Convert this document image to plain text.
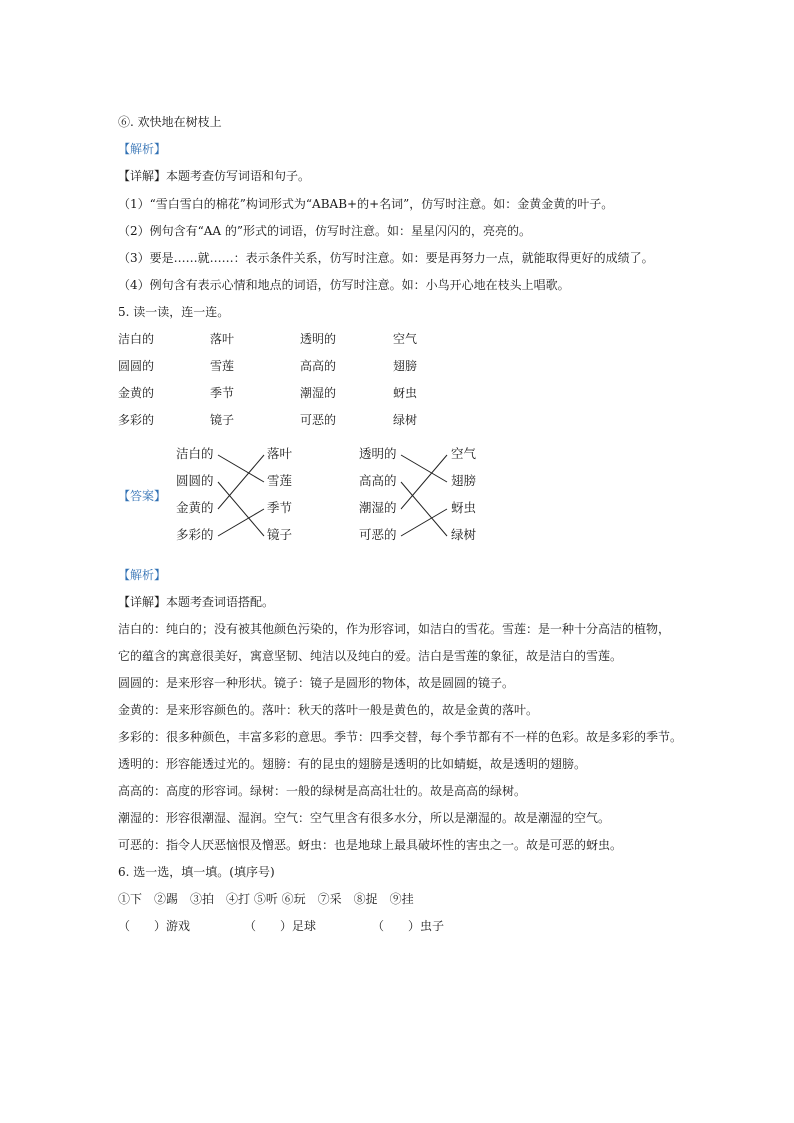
⑥. 欢快地在树枝上
【解析】
【详解】本题考查仿写词语和句子。
（1）“雪白雪白的棉花”构词形式为“ABAB+的+名词”，仿写时注意。如：金黄金黄的叶子。
（2）例句含有“AA 的”形式的词语，仿写时注意。如：星星闪闪的，亮亮的。
（3）要是……就……：表示条件关系，仿写时注意。如：要是再努力一点，就能取得更好的成绩了。
（4）例句含有表示心情和地点的词语，仿写时注意。如：小鸟开心地在枝头上唱歌。
5. 读一读，连一连。
洁白的	落叶	透明的	空气
圆圆的	雪莲	高高的	翅膀
金黄的	季节	潮湿的	蚜虫
多彩的	镜子	可恶的	绿树
【答案】
洁白的
圆圆的
金黄的
多彩的
落叶
雪莲
季节
镜子
透明的
高高的
潮湿的
可恶的
空气
翅膀
蚜虫
绿树
【解析】
【详解】本题考查词语搭配。
洁白的：纯白的；没有被其他颜色污染的，作为形容词，如洁白的雪花。雪莲：是一种十分高洁的植物，
它的蕴含的寓意很美好，寓意坚韧、纯洁以及纯白的爱。洁白是雪莲的象征，故是洁白的雪莲。
圆圆的：是来形容一种形状。镜子：镜子是圆形的物体，故是圆圆的镜子。
金黄的：是来形容颜色的。落叶：秋天的落叶一般是黄色的，故是金黄的落叶。
多彩的：很多种颜色，丰富多彩的意思。季节：四季交替，每个季节都有不一样的色彩。故是多彩的季节。
透明的：形容能透过光的。翅膀：有的昆虫的翅膀是透明的比如蜻蜓，故是透明的翅膀。
高高的：高度的形容词。绿树：一般的绿树是高高壮壮的。故是高高的绿树。
潮湿的：形容很潮湿、湿润。空气：空气里含有很多水分，所以是潮湿的。故是潮湿的空气。
可恶的：指令人厌恶恼恨及憎恶。蚜虫：也是地球上最具破坏性的害虫之一。故是可恶的蚜虫。
6. 选一选，填一填。(填序号)
①下　②踢　③拍　④打 ⑤听 ⑥玩　⑦采　⑧捉　⑨挂
（　　）游戏	（　　）足球	（　　）虫子
